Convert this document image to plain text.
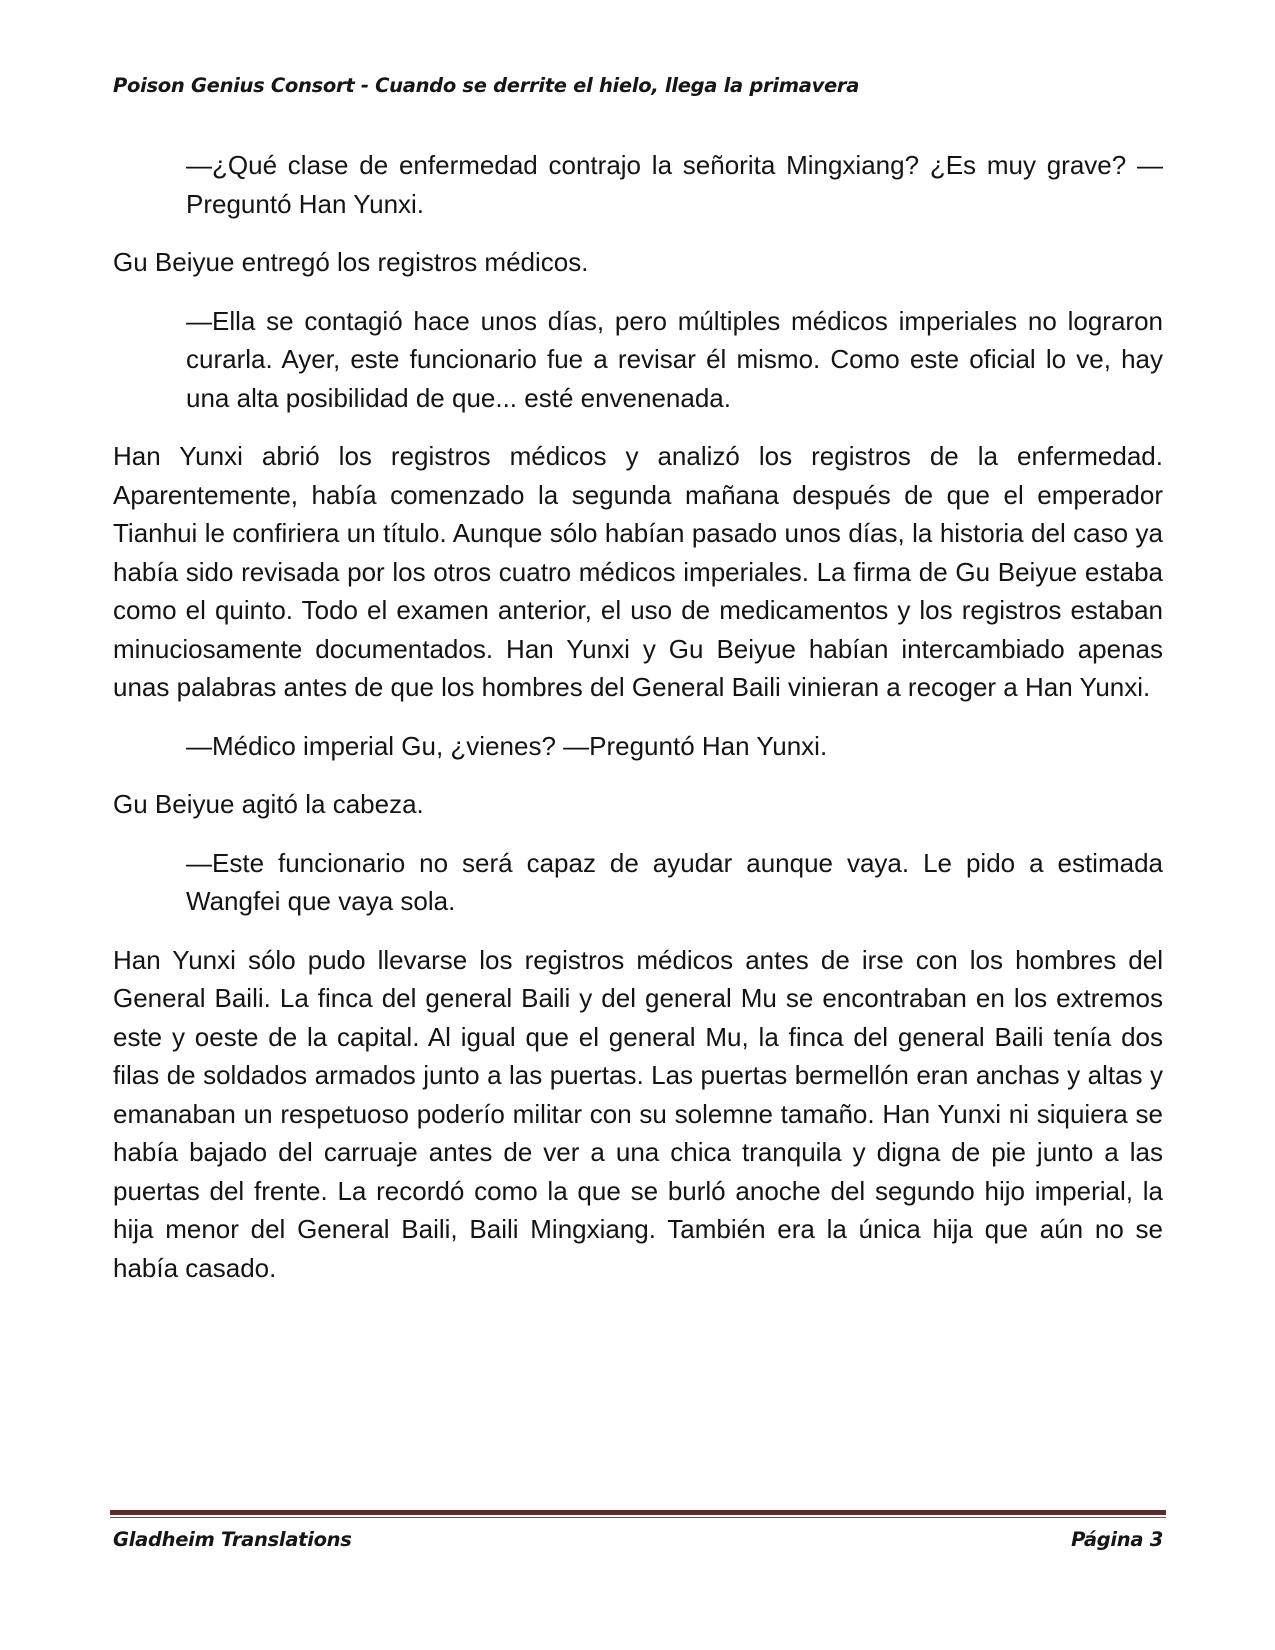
Poison Genius Consort - Cuando se derrite el hielo, llega la primavera

—¿Qué clase de enfermedad contrajo la señorita Mingxiang? ¿Es muy grave? —Preguntó Han Yunxi.

Gu Beiyue entregó los registros médicos.

—Ella se contagió hace unos días, pero múltiples médicos imperiales no lograron curarla. Ayer, este funcionario fue a revisar él mismo. Como este oficial lo ve, hay una alta posibilidad de que... esté envenenada.

Han Yunxi abrió los registros médicos y analizó los registros de la enfermedad. Aparentemente, había comenzado la segunda mañana después de que el emperador Tianhui le confiriera un título. Aunque sólo habían pasado unos días, la historia del caso ya había sido revisada por los otros cuatro médicos imperiales. La firma de Gu Beiyue estaba como el quinto. Todo el examen anterior, el uso de medicamentos y los registros estaban minuciosamente documentados. Han Yunxi y Gu Beiyue habían intercambiado apenas unas palabras antes de que los hombres del General Baili vinieran a recoger a Han Yunxi.

—Médico imperial Gu, ¿vienes? —Preguntó Han Yunxi.

Gu Beiyue agitó la cabeza.

—Este funcionario no será capaz de ayudar aunque vaya. Le pido a estimada Wangfei que vaya sola.

Han Yunxi sólo pudo llevarse los registros médicos antes de irse con los hombres del General Baili. La finca del general Baili y del general Mu se encontraban en los extremos este y oeste de la capital. Al igual que el general Mu, la finca del general Baili tenía dos filas de soldados armados junto a las puertas. Las puertas bermellón eran anchas y altas y emanaban un respetuoso poderío militar con su solemne tamaño. Han Yunxi ni siquiera se había bajado del carruaje antes de ver a una chica tranquila y digna de pie junto a las puertas del frente. La recordó como la que se burló anoche del segundo hijo imperial, la hija menor del General Baili, Baili Mingxiang. También era la única hija que aún no se había casado.

Gladheim Translations	Página 3
